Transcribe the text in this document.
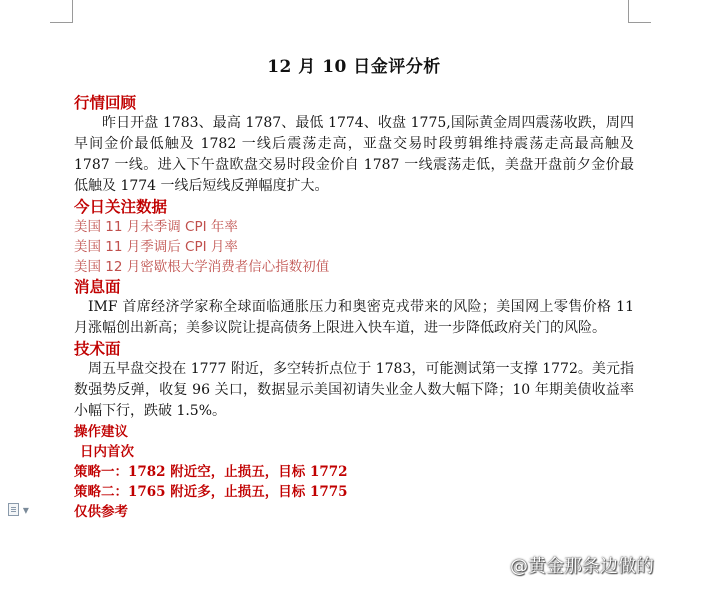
12 月 10 日金评分析
行情回顾
昨日开盘 1783、最高 1787、最低 1774、收盘 1775,国际黄金周四震荡收跌，周四早间金价最低触及 1782 一线后震荡走高，亚盘交易时段剪辑维持震荡走高最高触及 1787 一线。进入下午盘欧盘交易时段金价自 1787 一线震荡走低，美盘开盘前夕金价最低触及 1774 一线后短线反弹幅度扩大。
今日关注数据
美国 11 月未季调 CPI 年率
美国 11 月季调后 CPI 月率
美国 12 月密歇根大学消费者信心指数初值
消息面
IMF 首席经济学家称全球面临通胀压力和奥密克戎带来的风险；美国网上零售价格 11 月涨幅创出新高；美参议院让提高债务上限进入快车道，进一步降低政府关门的风险。
技术面
周五早盘交投在 1777 附近，多空转折点位于 1783，可能测试第一支撑 1772。美元指数强势反弹，收复 96 关口，数据显示美国初请失业金人数大幅下降；10 年期美债收益率小幅下行，跌破 1.5%。
操作建议
日内首次
策略一：1782 附近空，止损五，目标 1772
策略二：1765 附近多，止损五，目标 1775
仅供参考
▾
@黄金那条边做的
